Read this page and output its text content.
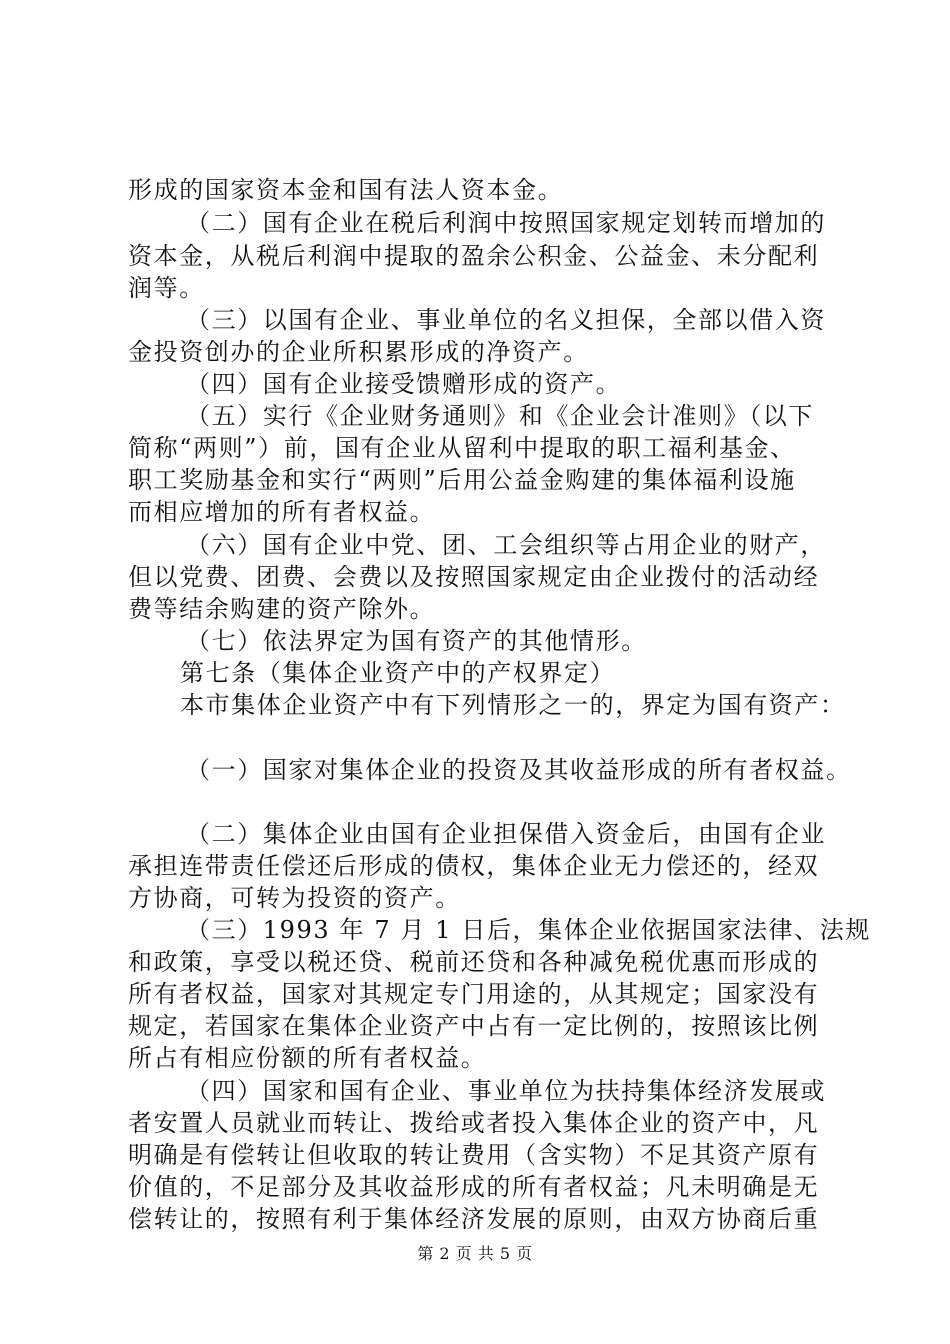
形成的国家资本金和国有法人资本金。
（二）国有企业在税后利润中按照国家规定划转而增加的
资本金，从税后利润中提取的盈余公积金、公益金、未分配利
润等。
（三）以国有企业、事业单位的名义担保，全部以借入资
金投资创办的企业所积累形成的净资产。
（四）国有企业接受馈赠形成的资产。
（五）实行《企业财务通则》和《企业会计准则》（以下
简称“两则”）前，国有企业从留利中提取的职工福利基金、
职工奖励基金和实行“两则”后用公益金购建的集体福利设施
而相应增加的所有者权益。
（六）国有企业中党、团、工会组织等占用企业的财产，
但以党费、团费、会费以及按照国家规定由企业拨付的活动经
费等结余购建的资产除外。
（七）依法界定为国有资产的其他情形。
第七条（集体企业资产中的产权界定）
本市集体企业资产中有下列情形之一的，界定为国有资产：
（一）国家对集体企业的投资及其收益形成的所有者权益。
（二）集体企业由国有企业担保借入资金后，由国有企业
承担连带责任偿还后形成的债权，集体企业无力偿还的，经双
方协商，可转为投资的资产。
（三）1993 年 7 月 1 日后，集体企业依据国家法律、法规
和政策，享受以税还贷、税前还贷和各种减免税优惠而形成的
所有者权益，国家对其规定专门用途的，从其规定；国家没有
规定，若国家在集体企业资产中占有一定比例的，按照该比例
所占有相应份额的所有者权益。
（四）国家和国有企业、事业单位为扶持集体经济发展或
者安置人员就业而转让、拨给或者投入集体企业的资产中，凡
明确是有偿转让但收取的转让费用（含实物）不足其资产原有
价值的，不足部分及其收益形成的所有者权益；凡未明确是无
偿转让的，按照有利于集体经济发展的原则，由双方协商后重
第 2 页 共 5 页
